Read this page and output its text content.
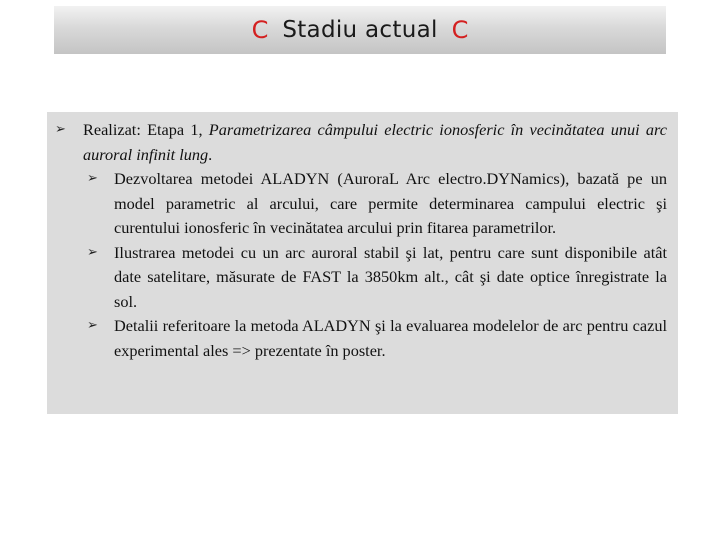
C Stadiu actual C
➢ Realizat: Etapa 1, Parametrizarea câmpului electric ionosferic în vecinătatea unui arc auroral infinit lung.
➢ Dezvoltarea metodei ALADYN (AuroraL Arc electro.DYNamics), bazată pe un model parametric al arcului, care permite determinarea campului electric şi curentului ionosferic în vecinătatea arcului prin fitarea parametrilor.
➢ Ilustrarea metodei cu un arc auroral stabil şi lat, pentru care sunt disponibile atât date satelitare, măsurate de FAST la 3850km alt., cât şi date optice înregistrate la sol.
➢ Detalii referitoare la metoda ALADYN şi la evaluarea modelelor de arc pentru cazul experimental ales => prezentate în poster.
